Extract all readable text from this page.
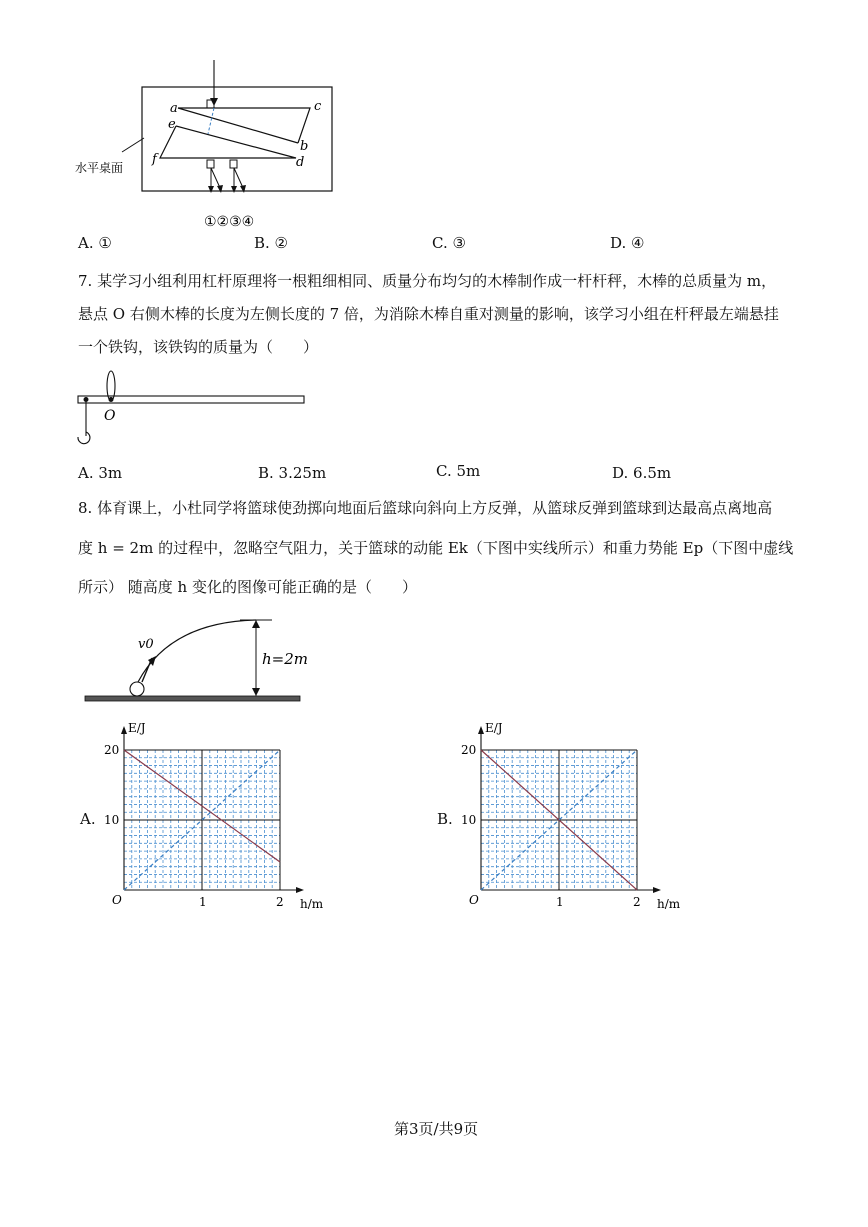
a	c
e
b
f	d
水平桌面
①②③④
A. ①	B. ②	C. ③	D. ④
7. 某学习小组利用杠杆原理将一根粗细相同、质量分布均匀的木棒制作成一杆杆秤，木棒的总质量为 m，
悬点 O 右侧木棒的长度为左侧长度的 7 倍，为消除木棒自重对测量的影响，该学习小组在杆秤最左端悬挂
一个铁钩，该铁钩的质量为（　　）
O
A. 3m	B. 3.25m	C. 5m	D. 6.5m
8. 体育课上，小杜同学将篮球使劲掷向地面后篮球向斜向上方反弹，从篮球反弹到篮球到达最高点离地高
度 h = 2m 的过程中，忽略空气阻力，关于篮球的动能 Ek（下图中实线所示）和重力势能 Ep（下图中虚线
所示） 随高度 h 变化的图像可能正确的是（　　）
v0
h=2m
A.
1	2
10
20
O	h/m
E/J
B.
1	2
10
20
O	h/m
E/J
第3页/共9页
